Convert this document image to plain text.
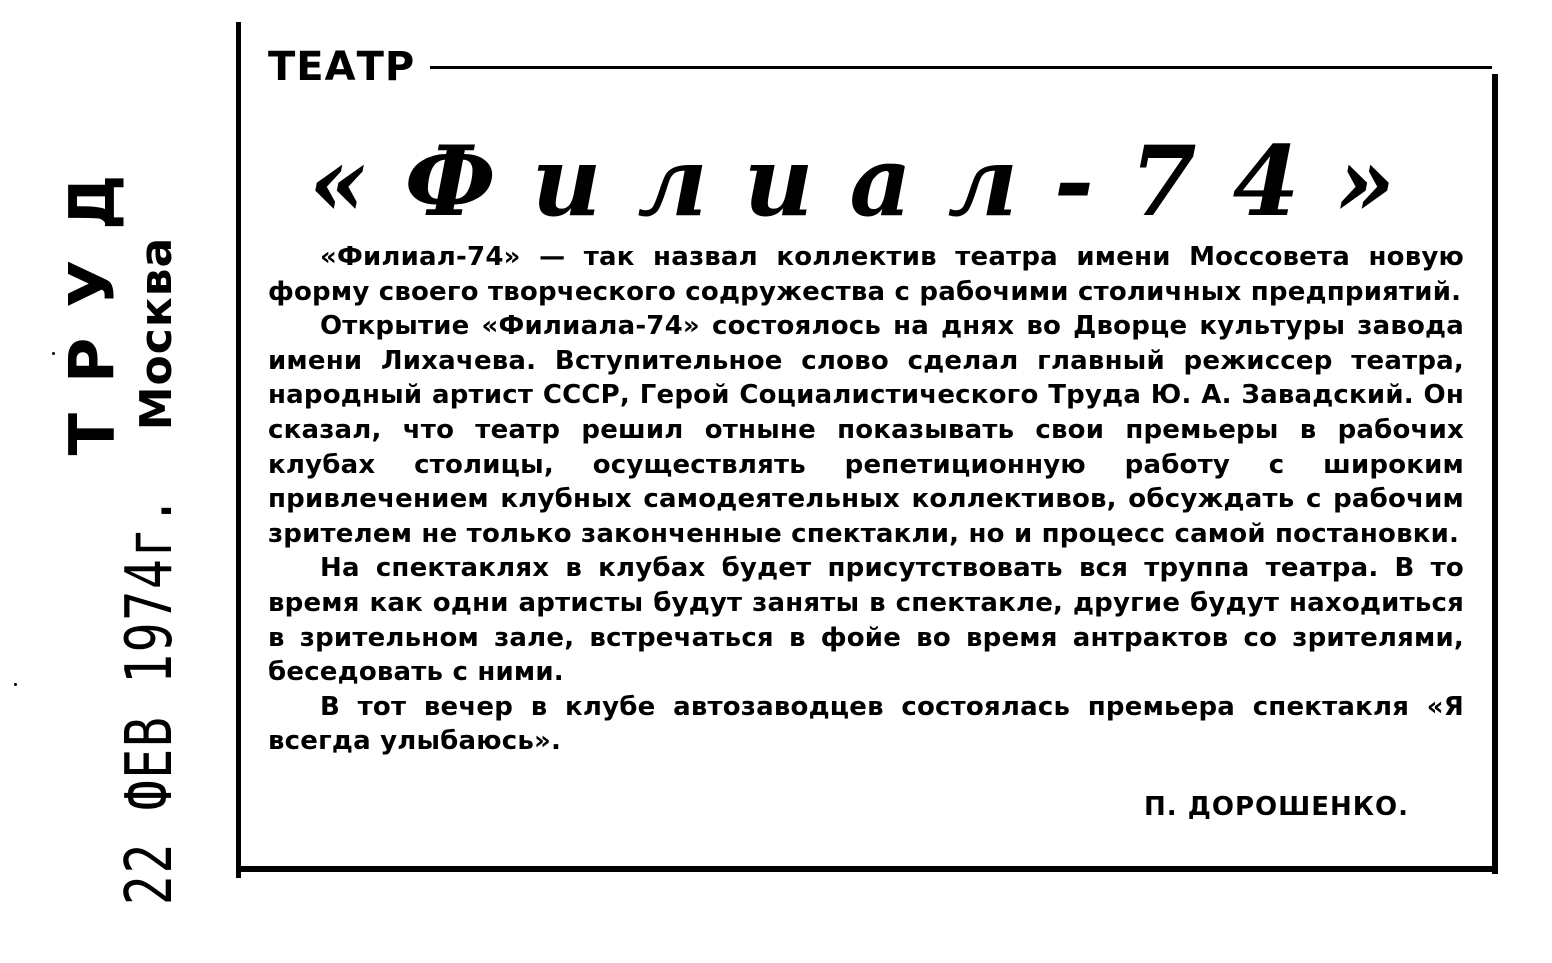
ТРУД
22 ФЕВ 1974г.Москва
ТЕАТР
«Филиал-74»

«Филиал-74» — так назвал коллектив театра имени Моссовета новую форму своего творческого содружества с рабочими столичных предприятий.

Открытие «Филиала-74» состоялось на днях во Дворце культуры завода имени Лихачева. Вступительное слово сделал главный режиссер театра, народный артист СССР, Герой Социалистического Труда Ю. А. Завадский. Он сказал, что театр решил отныне показывать свои премьеры в рабочих клубах столицы, осуществлять репетиционную работу с широким привлечением клубных самодеятельных коллективов, обсуждать с рабочим зрителем не только законченные спектакли, но и процесс самой постановки.

На спектаклях в клубах будет присутствовать вся труппа театра. В то время как одни артисты будут заняты в спектакле, другие будут находиться в зрительном зале, встречаться в фойе во время антрактов со зрителями, беседовать с ними.

В тот вечер в клубе автозаводцев состоялась премьера спектакля «Я всегда улыбаюсь».

П. ДОРОШЕНКО.
